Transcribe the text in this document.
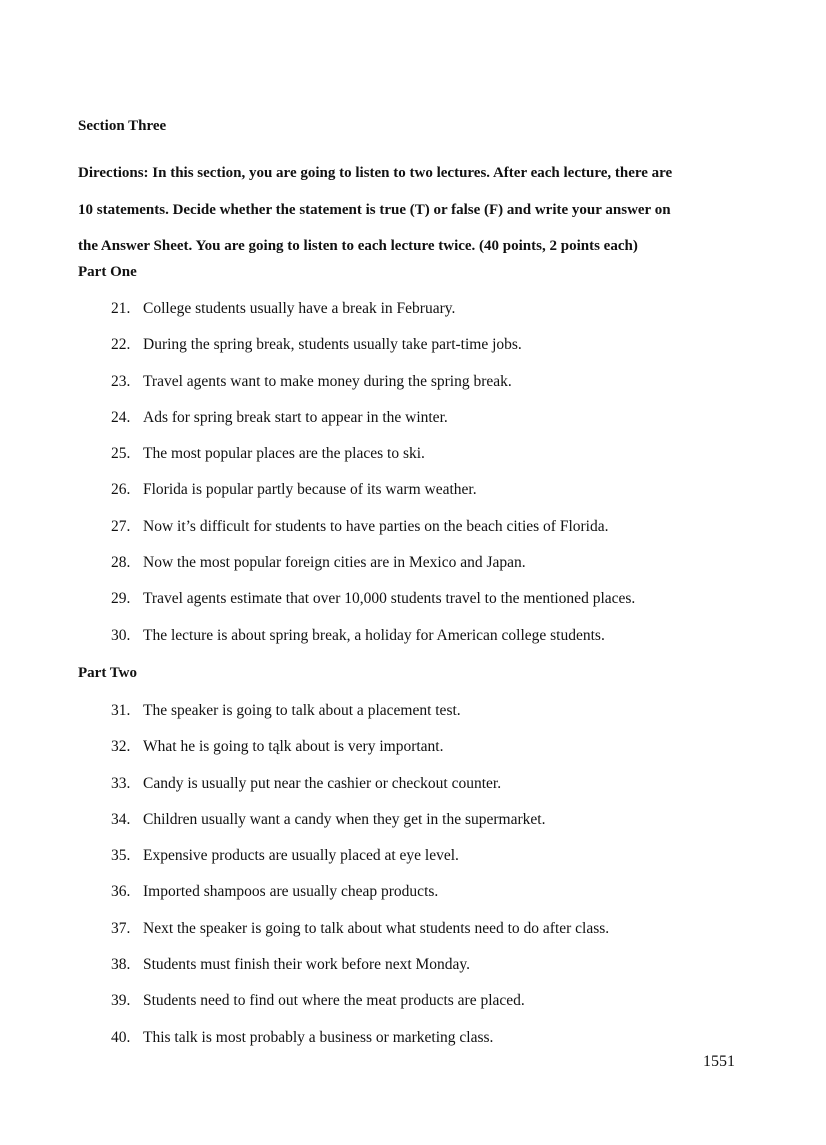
Section Three
Directions: In this section, you are going to listen to two lectures. After each lecture, there are
10 statements. Decide whether the statement is true (T) or false (F) and write your answer on
the Answer Sheet. You are going to listen to each lecture twice. (40 points, 2 points each)
Part One
21. College students usually have a break in February.
22. During the spring break, students usually take part-time jobs.
23. Travel agents want to make money during the spring break.
24. Ads for spring break start to appear in the winter.
25. The most popular places are the places to ski.
26. Florida is popular partly because of its warm weather.
27. Now it’s difficult for students to have parties on the beach cities of Florida.
28. Now the most popular foreign cities are in Mexico and Japan.
29. Travel agents estimate that over 10,000 students travel to the mentioned places.
30. The lecture is about spring break, a holiday for American college students.
Part Two
31. The speaker is going to talk about a placement test.
32. What he is going to tąlk about is very important.
33. Candy is usually put near the cashier or checkout counter.
34. Children usually want a candy when they get in the supermarket.
35. Expensive products are usually placed at eye level.
36. Imported shampoos are usually cheap products.
37. Next the speaker is going to talk about what students need to do after class.
38. Students must finish their work before next Monday.
39. Students need to find out where the meat products are placed.
40. This talk is most probably a business or marketing class.
1551
